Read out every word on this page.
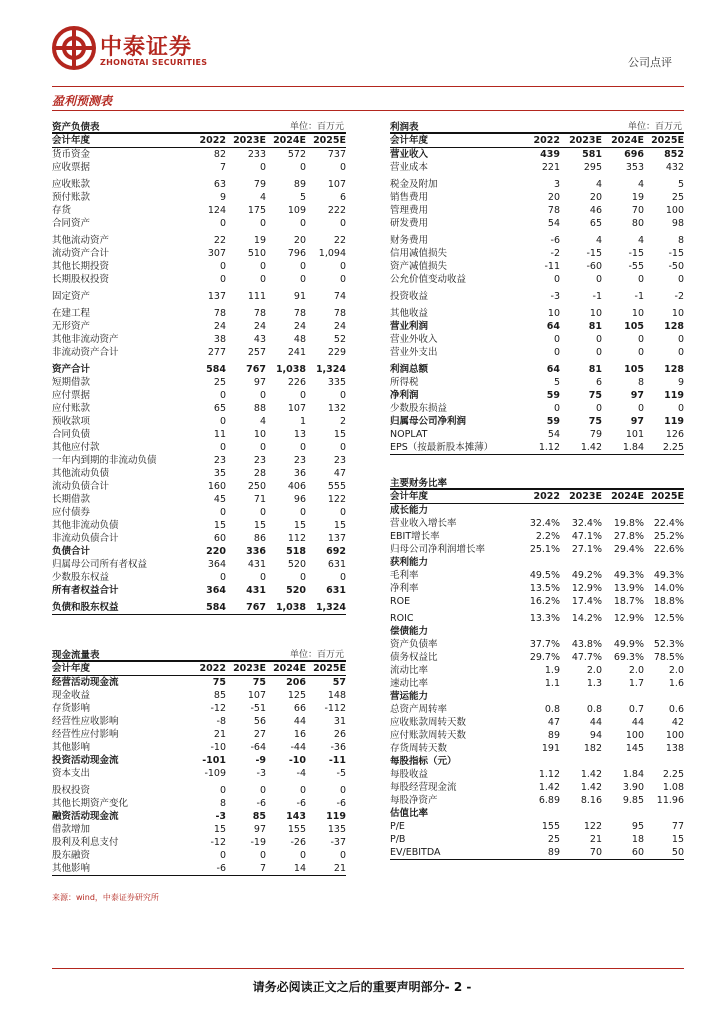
中泰证券
ZHONGTAI SECURITIES	公司点评
盈利预测表
资产负债表	单位：百万元
会计年度	2022 2023E 2024E 2025E
货币资金	82	233	572	737
应收票据	7	0	0	0
应收账款	63	79	89	107
预付账款	9	4	5	6
存货	124	175	109	222
合同资产	0	0	0	0
其他流动资产	22	19	20	22
流动资产合计	307	510	796	1,094
其他长期投资	0	0	0	0
长期股权投资	0	0	0	0
固定资产	137	111	91	74
在建工程	78	78	78	78
无形资产	24	24	24	24
其他非流动资产	38	43	48	52
非流动资产合计	277	257	241	229
资产合计	584	767	1,038	1,324
短期借款	25	97	226	335
应付票据	0	0	0	0
应付账款	65	88	107	132
预收款项	0	4	1	2
合同负债	11	10	13	15
其他应付款	0	0	0	0
一年内到期的非流动负债	23	23	23	23
其他流动负债	35	28	36	47
流动负债合计	160	250	406	555
长期借款	45	71	96	122
应付债券	0	0	0	0
其他非流动负债	15	15	15	15
非流动负债合计	60	86	112	137
负债合计	220	336	518	692
归属母公司所有者权益	364	431	520	631
少数股东权益	0	0	0	0
所有者权益合计	364	431	520	631
负债和股东权益	584	767	1,038	1,324
利润表	单位：百万元
会计年度	2022 2023E 2024E 2025E
营业收入	439	581	696	852
营业成本	221	295	353	432
税金及附加	3	4	4	5
销售费用	20	20	19	25
管理费用	78	46	70	100
研发费用	54	65	80	98
财务费用	-6	4	4	8
信用减值损失	-2	-15	-15	-15
资产减值损失	-11	-60	-55	-50
公允价值变动收益	0	0	0	0
投资收益	-3	-1	-1	-2
其他收益	10	10	10	10
营业利润	64	81	105	128
营业外收入	0	0	0	0
营业外支出	0	0	0	0
利润总额	64	81	105	128
所得税	5	6	8	9
净利润	59	75	97	119
少数股东损益	0	0	0	0
归属母公司净利润	59	75	97	119
NOPLAT	54	79	101	126
EPS（按最新股本摊薄）	1.12	1.42	1.84	2.25
主要财务比率
会计年度	2022 2023E 2024E 2025E
成长能力
营业收入增长率	32.4%	32.4%	19.8%	22.4%
EBIT增长率	2.2%	47.1%	27.8%	25.2%
归母公司净利润增长率	25.1%	27.1%	29.4%	22.6%
获利能力
毛利率	49.5%	49.2%	49.3%	49.3%
净利率	13.5%	12.9%	13.9%	14.0%
ROE	16.2%	17.4%	18.7%	18.8%
ROIC	13.3%	14.2%	12.9%	12.5%
偿债能力
资产负债率	37.7%	43.8%	49.9%	52.3%
债务权益比	29.7%	47.7%	69.3%	78.5%
流动比率	1.9	2.0	2.0	2.0
速动比率	1.1	1.3	1.7	1.6
营运能力
总资产周转率	0.8	0.8	0.7	0.6
应收账款周转天数	47	44	44	42
应付账款周转天数	89	94	100	100
存货周转天数	191	182	145	138
每股指标（元）
每股收益	1.12	1.42	1.84	2.25
每股经营现金流	1.42	1.42	3.90	1.08
每股净资产	6.89	8.16	9.85	11.96
估值比率
P/E	155	122	95	77
P/B	25	21	18	15
EV/EBITDA	89	70	60	50
现金流量表	单位：百万元
会计年度	2022 2023E 2024E 2025E
经营活动现金流	75	75	206	57
现金收益	85	107	125	148
存货影响	-12	-51	66	-112
经营性应收影响	-8	56	44	31
经营性应付影响	21	27	16	26
其他影响	-10	-64	-44	-36
投资活动现金流	-101	-9	-10	-11
资本支出	-109	-3	-4	-5
股权投资	0	0	0	0
其他长期资产变化	8	-6	-6	-6
融资活动现金流	-3	85	143	119
借款增加	15	97	155	135
股利及利息支付	-12	-19	-26	-37
股东融资	0	0	0	0
其他影响	-6	7	14	21
来源：wind，中泰证券研究所
请务必阅读正文之后的重要声明部分- 2 -
